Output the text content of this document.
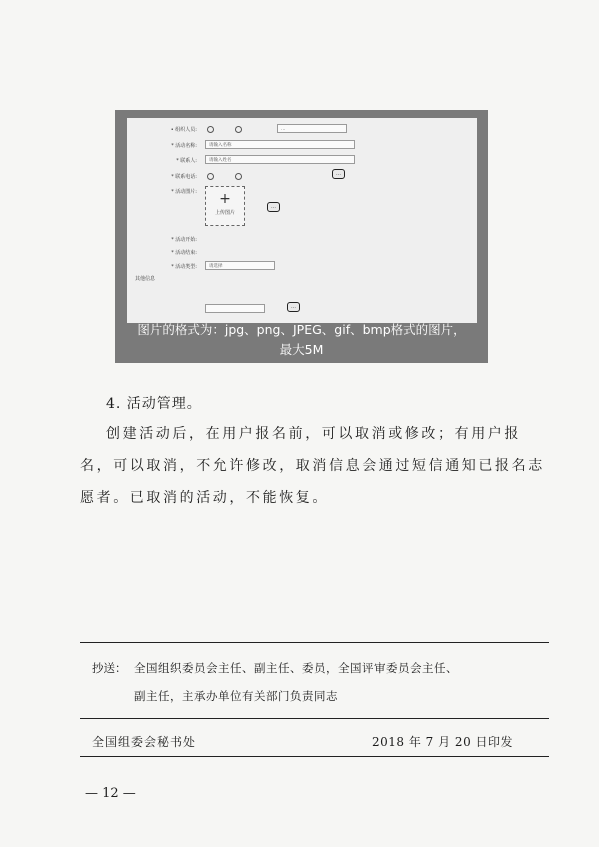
• 组织人员:	…
* 活动名称:	请输入名称
* 联系人:	请输入姓名
* 联系电话:	…
* 活动图片:	+
上传图片
…
* 活动开始:
* 活动结束:
* 活动类型:	请选择
其他信息
…
图片的格式为：jpg、png、JPEG、gif、bmp格式的图片，
最大5M
4. 活动管理。
创建活动后，在用户报名前，可以取消或修改；有用户报
名，可以取消，不允许修改，取消信息会通过短信通知已报名志
愿者。已取消的活动，不能恢复。
抄送： 全国组织委员会主任、副主任、委员，全国评审委员会主任、
副主任，主承办单位有关部门负责同志
全国组委会秘书处	2018 年 7 月 20 日印发
— 12 —
